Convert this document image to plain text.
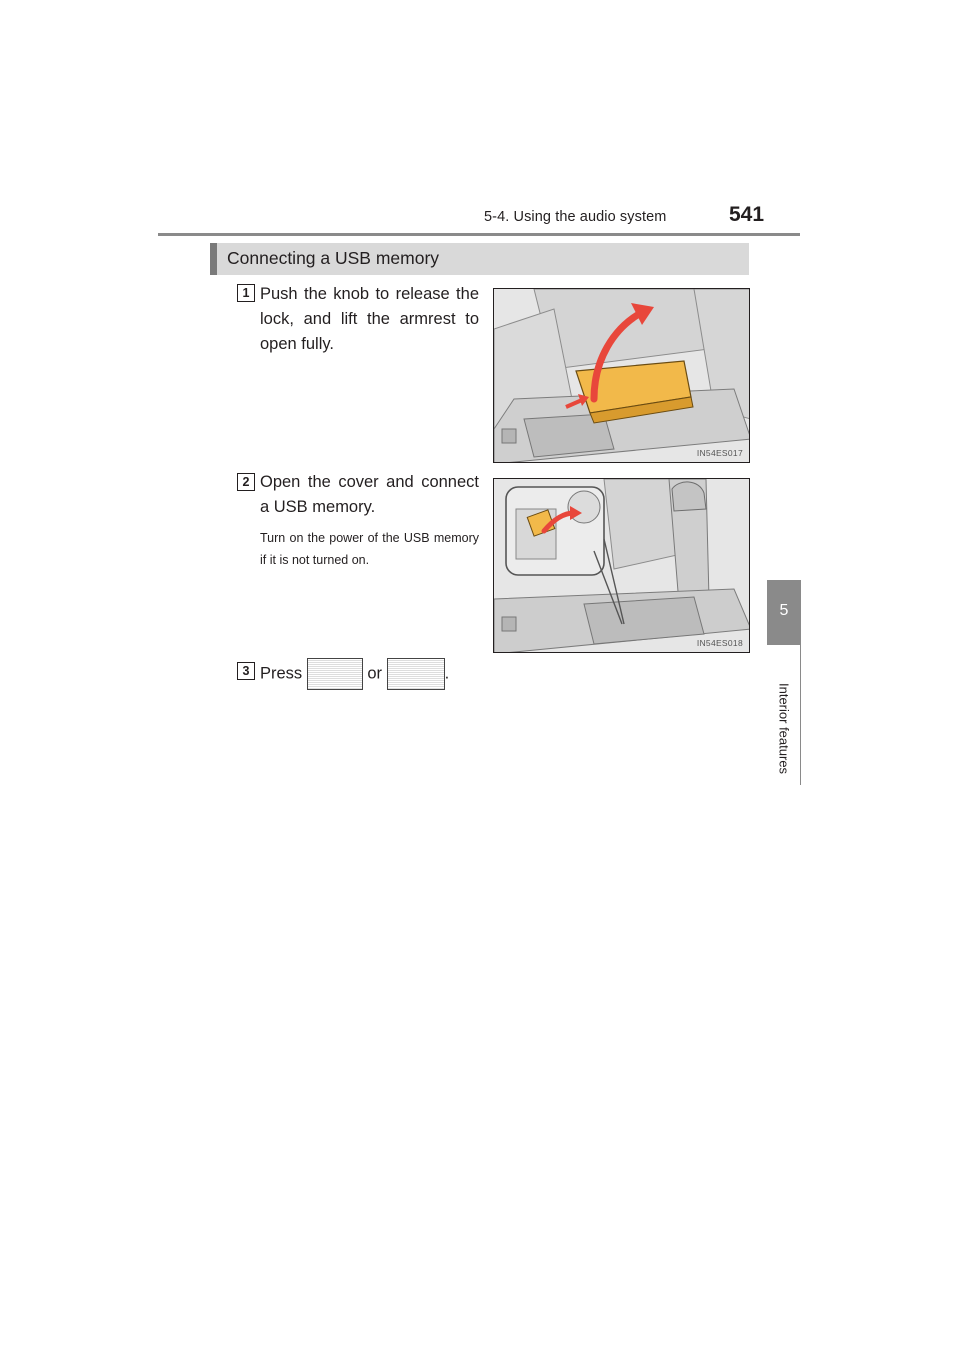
5-4. Using the audio system	541
5
Interior features
Connecting a USB memory
1 Push the knob to release the lock, and lift the armrest to open fully.
IN54ES017
2 Open the cover and connect a USB memory.
Turn on the power of the USB memory if it is not turned on.
IN54ES018
3 Press	or	.
